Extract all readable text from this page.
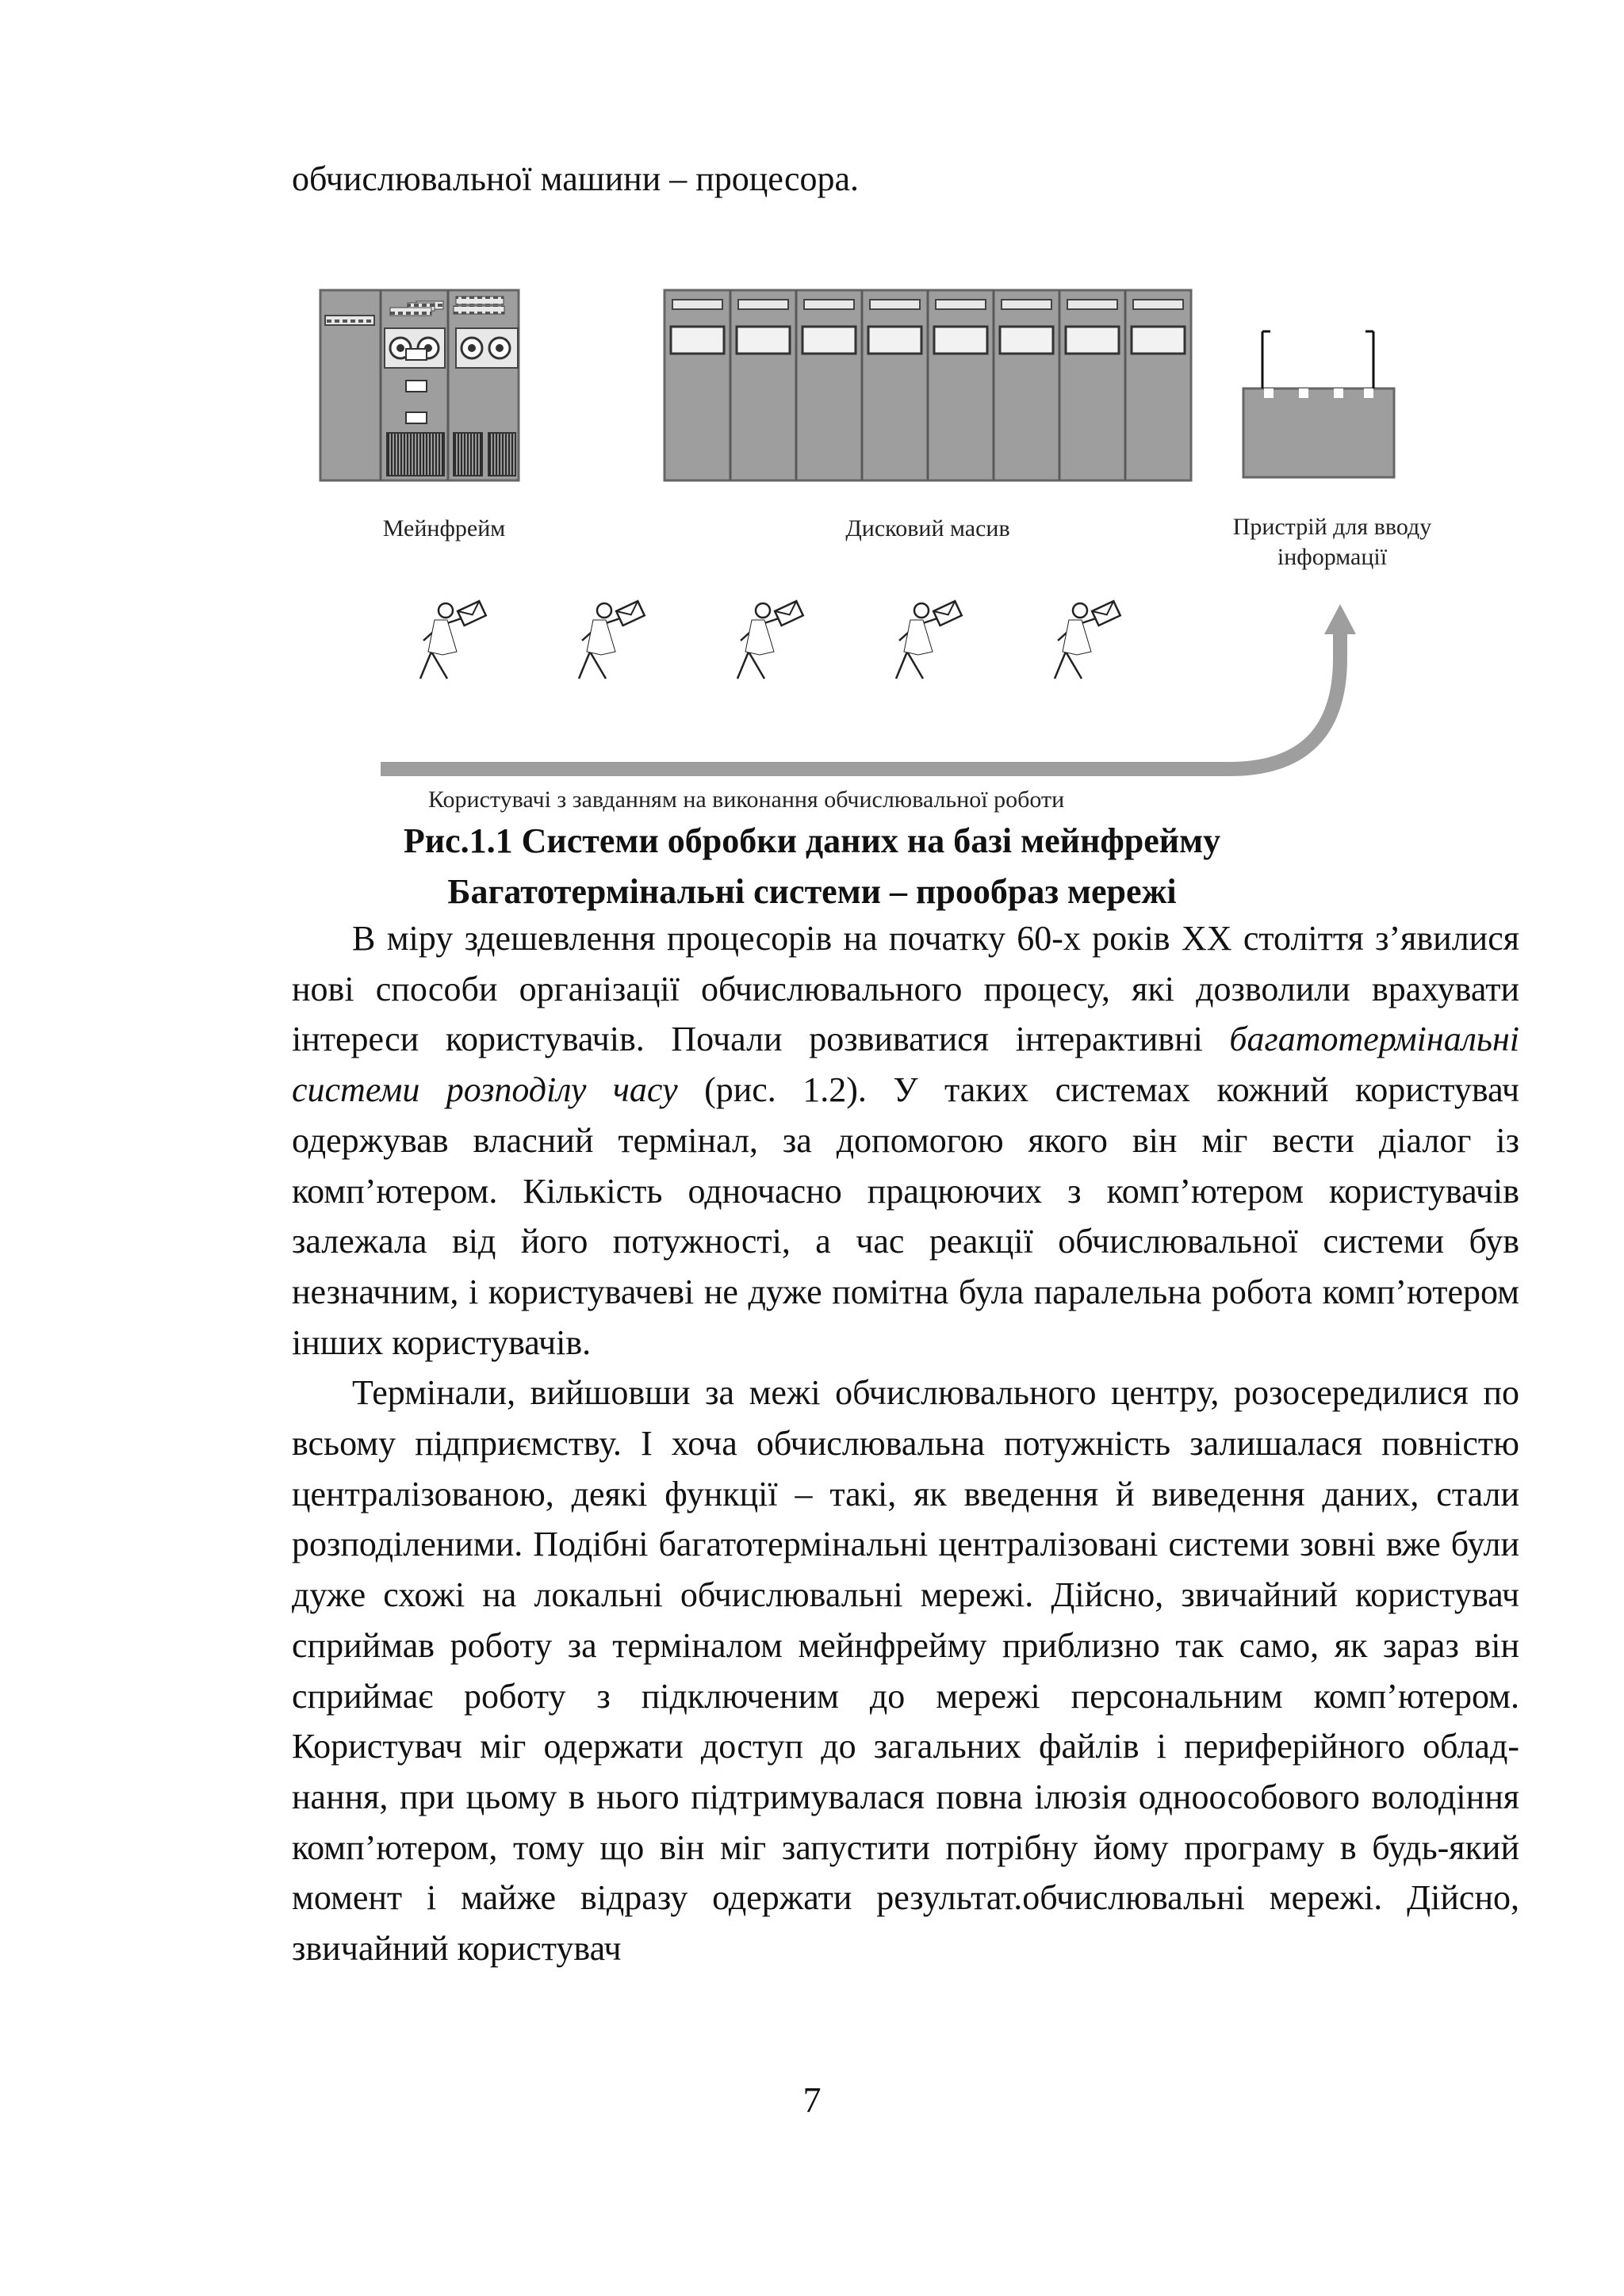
обчислювальної машини – процесора.
Мейнфрейм	Дисковий масив	Пристрій для вводу
інформації
Користувачі з завданням на виконання обчислювальної роботи
Рис.1.1 Системи обробки даних на базі мейнфрейму
Багатотермінальні системи – прообраз мережі

В міру здешевлення процесорів на початку 60-х років XX століття з’явилися нові способи організації обчислювального процесу, які дозволили врахувати інтереси користувачів. Почали розвиватися інтерактивні багатотермінальні системи розподілу часу (рис. 1.2). У таких системах кожний користувач одержував власний термінал, за допомогою якого він міг вести діалог із комп’ютером. Кількість одночасно працюючих з комп’ютером користувачів залежала від його потужності, а час реакції обчислювальної системи був незначним, і користувачеві не дуже помітна була паралельна робота комп’ютером інших користувачів.

Термінали, вийшовши за межі обчислювального центру, розосередилися по всьому підприємству. І хоча обчислювальна потужність залишалася повністю централізованою, деякі функції – такі, як введення й виведення даних, стали розподіленими. Подібні багатотермінальні централізовані системи зовні вже були дуже схожі на локальні обчислювальні мережі. Дійсно, звичайний користувач сприймав роботу за терміналом мейнфрейму приблизно так само, як зараз він сприймає роботу з підключеним до мережі персональним комп’ютером. Користувач міг одержати доступ до загальних файлів і периферійного облад-нання, при цьому в нього підтримувалася повна ілюзія одноособового володіння комп’ютером, тому що він міг запустити потрібну йому програму в будь-який момент і майже відразу одержати результат.обчислювальні мережі. Дійсно, звичайний користувач

7
